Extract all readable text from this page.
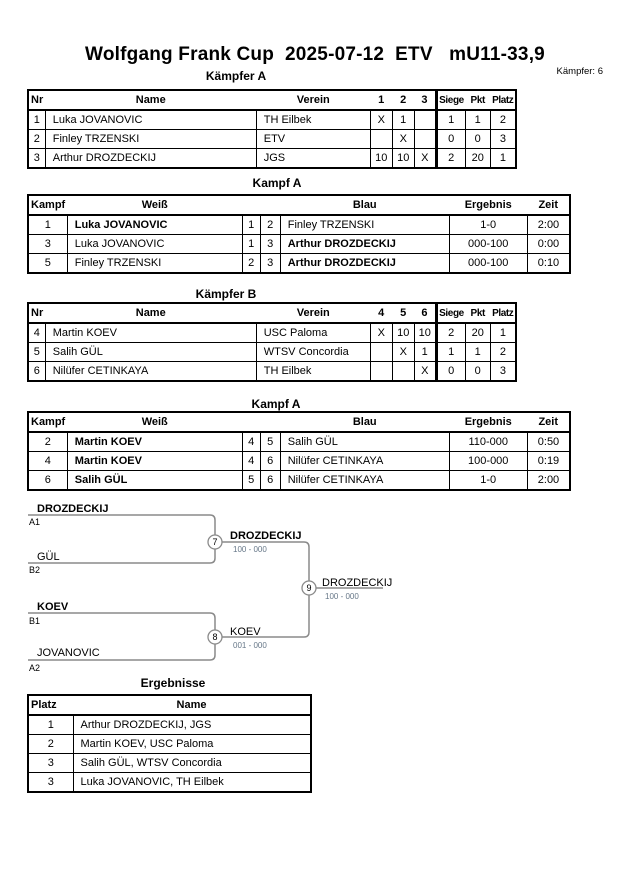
Wolfgang Frank Cup  2025-07-12  ETV   mU11-33,9
Kämpfer: 6
Kämpfer A
Nr	Name	Verein	1	2	3	Siege	Pkt	Platz
1	Luka JOVANOVIC	TH Eilbek	X	1		1	1	2
2	Finley TRZENSKI	ETV		X		0	0	3
3	Arthur DROZDECKIJ	JGS	10	10	X	2	20	1
Kampf A
Kampf	Weiß			Blau	Ergebnis	Zeit
1	Luka JOVANOVIC	1	2	Finley TRZENSKI	1-0	2:00
3	Luka JOVANOVIC	1	3	Arthur DROZDECKIJ	000-100	0:00
5	Finley TRZENSKI	2	3	Arthur DROZDECKIJ	000-100	0:10
Kämpfer B
Nr	Name	Verein	4	5	6	Siege	Pkt	Platz
4	Martin KOEV	USC Paloma	X	10	10	2	20	1
5	Salih GÜL	WTSV Concordia		X	1	1	1	2
6	Nilüfer CETINKAYA	TH Eilbek			X	0	0	3
Kampf A
Kampf	Weiß			Blau	Ergebnis	Zeit
2	Martin KOEV	4	5	Salih GÜL	110-000	0:50
4	Martin KOEV	4	6	Nilüfer CETINKAYA	100-000	0:19
6	Salih GÜL	5	6	Nilüfer CETINKAYA	1-0	2:00
7
8
9
DROZDECKIJ
A1
GÜL
B2
KOEV
B1
JOVANOVIC
A2
DROZDECKIJ
100 - 000
KOEV
001 - 000
DROZDECKIJ
100 - 000
Ergebnisse
Platz	Name
1	Arthur DROZDECKIJ, JGS
2	Martin KOEV, USC Paloma
3	Salih GÜL, WTSV Concordia
3	Luka JOVANOVIC, TH Eilbek
